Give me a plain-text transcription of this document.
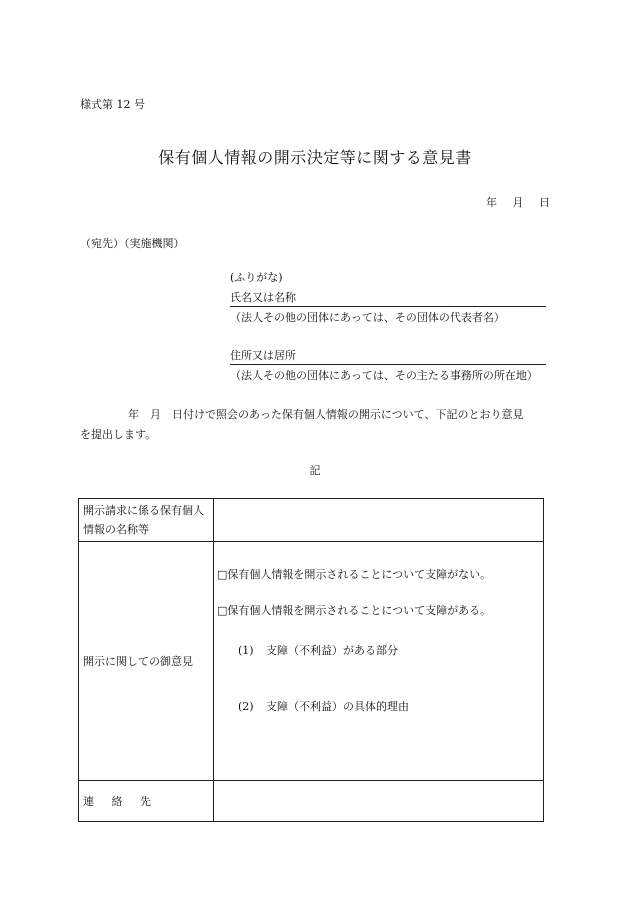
様式第 12 号
保有個人情報の開示決定等に関する意見書
年 月 日
（宛先）（実施機関）
(ふりがな)
氏名又は名称
（法人その他の団体にあっては、その団体の代表者名）
住所又は居所
（法人その他の団体にあっては、その主たる事務所の所在地）
年　月　日付けで照会のあった保有個人情報の開示について、下記のとおり意見
を提出します。
記
開示請求に係る保有個人情報の名称等	
開示に関しての御意見	□保有個人情報を開示されることについて支障がない。
□保有個人情報を開示されることについて支障がある。
(1) 支障（不利益）がある部分
(2) 支障（不利益）の具体的理由

連 絡 先	
